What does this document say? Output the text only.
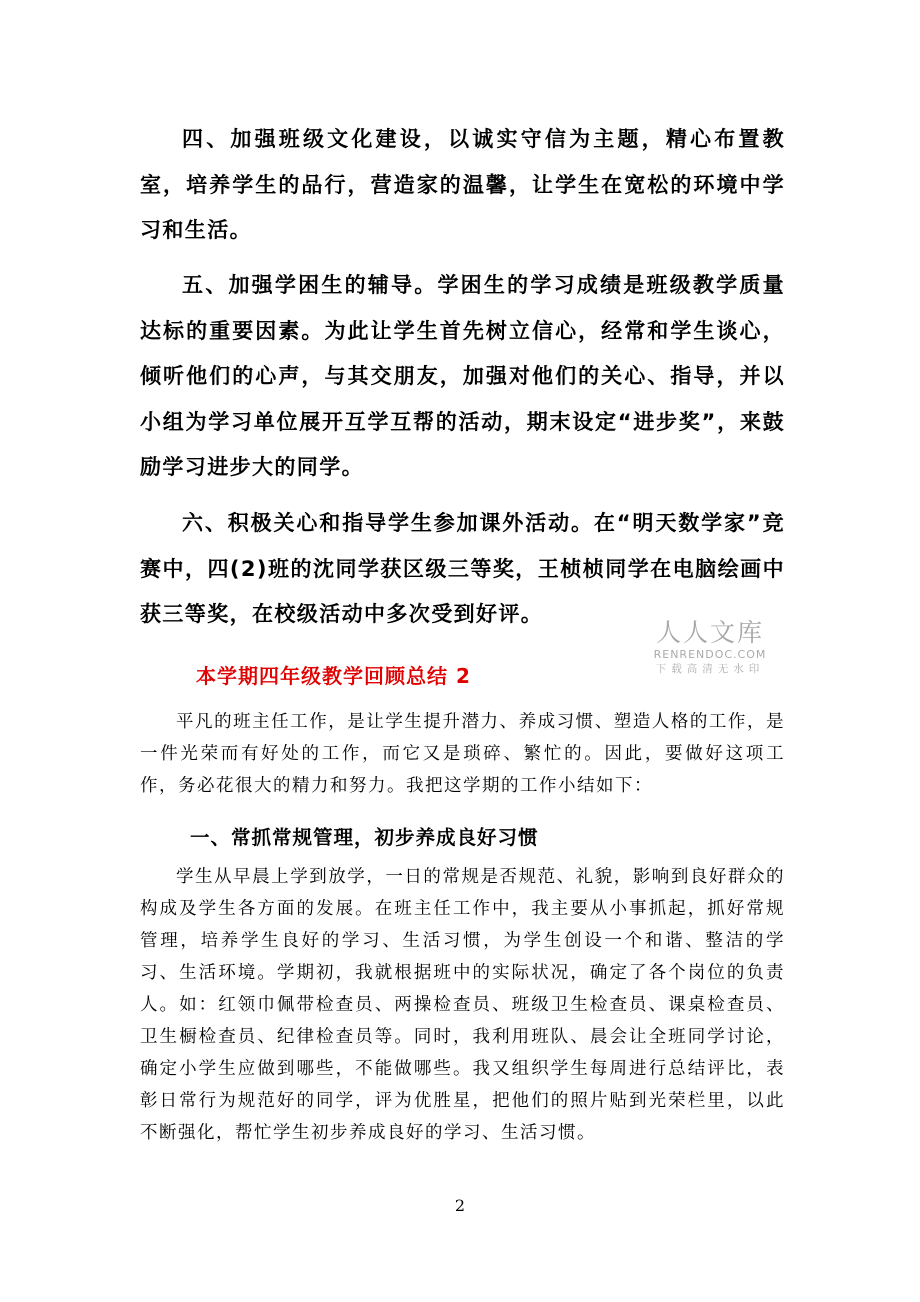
四、加强班级文化建设，以诚实守信为主题，精心布置教室，培养学生的品行，营造家的温馨，让学生在宽松的环境中学习和生活。

五、加强学困生的辅导。学困生的学习成绩是班级教学质量达标的重要因素。为此让学生首先树立信心，经常和学生谈心，倾听他们的心声，与其交朋友，加强对他们的关心、指导，并以小组为学习单位展开互学互帮的活动，期末设定“进步奖”，来鼓励学习进步大的同学。

六、积极关心和指导学生参加课外活动。在“明天数学家”竞赛中，四(2)班的沈同学获区级三等奖，王桢桢同学在电脑绘画中获三等奖，在校级活动中多次受到好评。

人人文库
RENRENDOC.COM
下载高清无水印
本学期四年级教学回顾总结 2

平凡的班主任工作，是让学生提升潜力、养成习惯、塑造人格的工作，是一件光荣而有好处的工作，而它又是琐碎、繁忙的。因此，要做好这项工作，务必花很大的精力和努力。我把这学期的工作小结如下：

一、常抓常规管理，初步养成良好习惯

学生从早晨上学到放学，一日的常规是否规范、礼貌，影响到良好群众的构成及学生各方面的发展。在班主任工作中，我主要从小事抓起，抓好常规管理，培养学生良好的学习、生活习惯，为学生创设一个和谐、整洁的学习、生活环境。学期初，我就根据班中的实际状况，确定了各个岗位的负责人。如：红领巾佩带检查员、两操检查员、班级卫生检查员、课桌检查员、卫生橱检查员、纪律检查员等。同时，我利用班队、晨会让全班同学讨论，确定小学生应做到哪些，不能做哪些。我又组织学生每周进行总结评比，表彰日常行为规范好的同学，评为优胜星，把他们的照片贴到光荣栏里，以此不断强化，帮忙学生初步养成良好的学习、生活习惯。

2
